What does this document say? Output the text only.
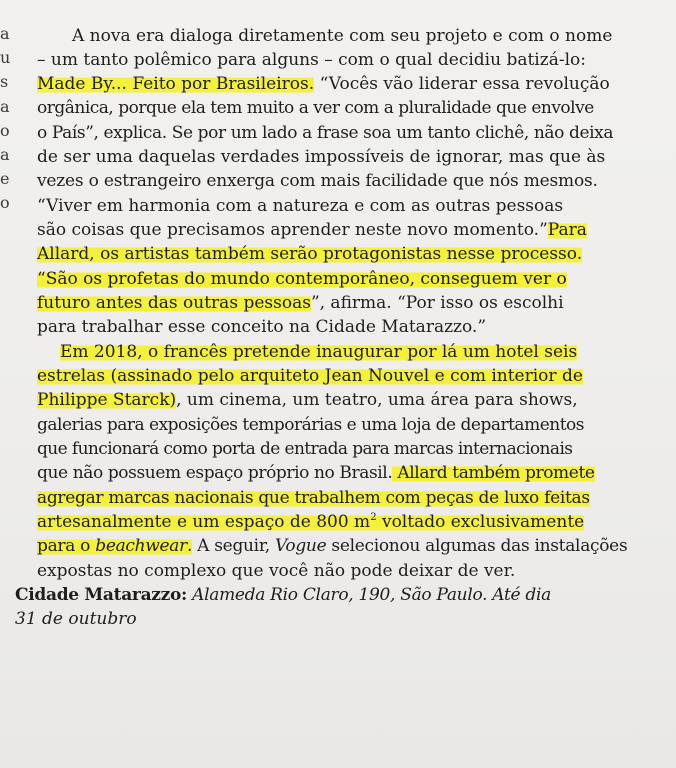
a
u
s
a
o
a
e
o
A nova era dialoga diretamente com seu projeto e com o nome
– um tanto polêmico para alguns – com o qual decidiu batizá-lo:
Made By... Feito por Brasileiros. “Vocês vão liderar essa revolução
orgânica, porque ela tem muito a ver com a pluralidade que envolve
o País”, explica. Se por um lado a frase soa um tanto clichê, não deixa
de ser uma daquelas verdades impossíveis de ignorar, mas que às
vezes o estrangeiro enxerga com mais facilidade que nós mesmos.
“Viver em harmonia com a natureza e com as outras pessoas
são coisas que precisamos aprender neste novo momento.”Para
Allard, os artistas também serão protagonistas nesse processo.
“São os profetas do mundo contemporâneo, conseguem ver o
futuro antes das outras pessoas”, afirma. “Por isso os escolhi
para trabalhar esse conceito na Cidade Matarazzo.”
Em 2018, o francês pretende inaugurar por lá um hotel seis
estrelas (assinado pelo arquiteto Jean Nouvel e com interior de
Philippe Starck), um cinema, um teatro, uma área para shows,
galerias para exposições temporárias e uma loja de departamentos
que funcionará como porta de entrada para marcas internacionais
que não possuem espaço próprio no Brasil. Allard também promete
agregar marcas nacionais que trabalhem com peças de luxo feitas
artesanalmente e um espaço de 800 $m^2$ voltado exclusivamente
para o beachwear. A seguir, Vogue selecionou algumas das instalações
expostas no complexo que você não pode deixar de ver.
Cidade Matarazzo: Alameda Rio Claro, 190, São Paulo. Até dia
31 de outubro
